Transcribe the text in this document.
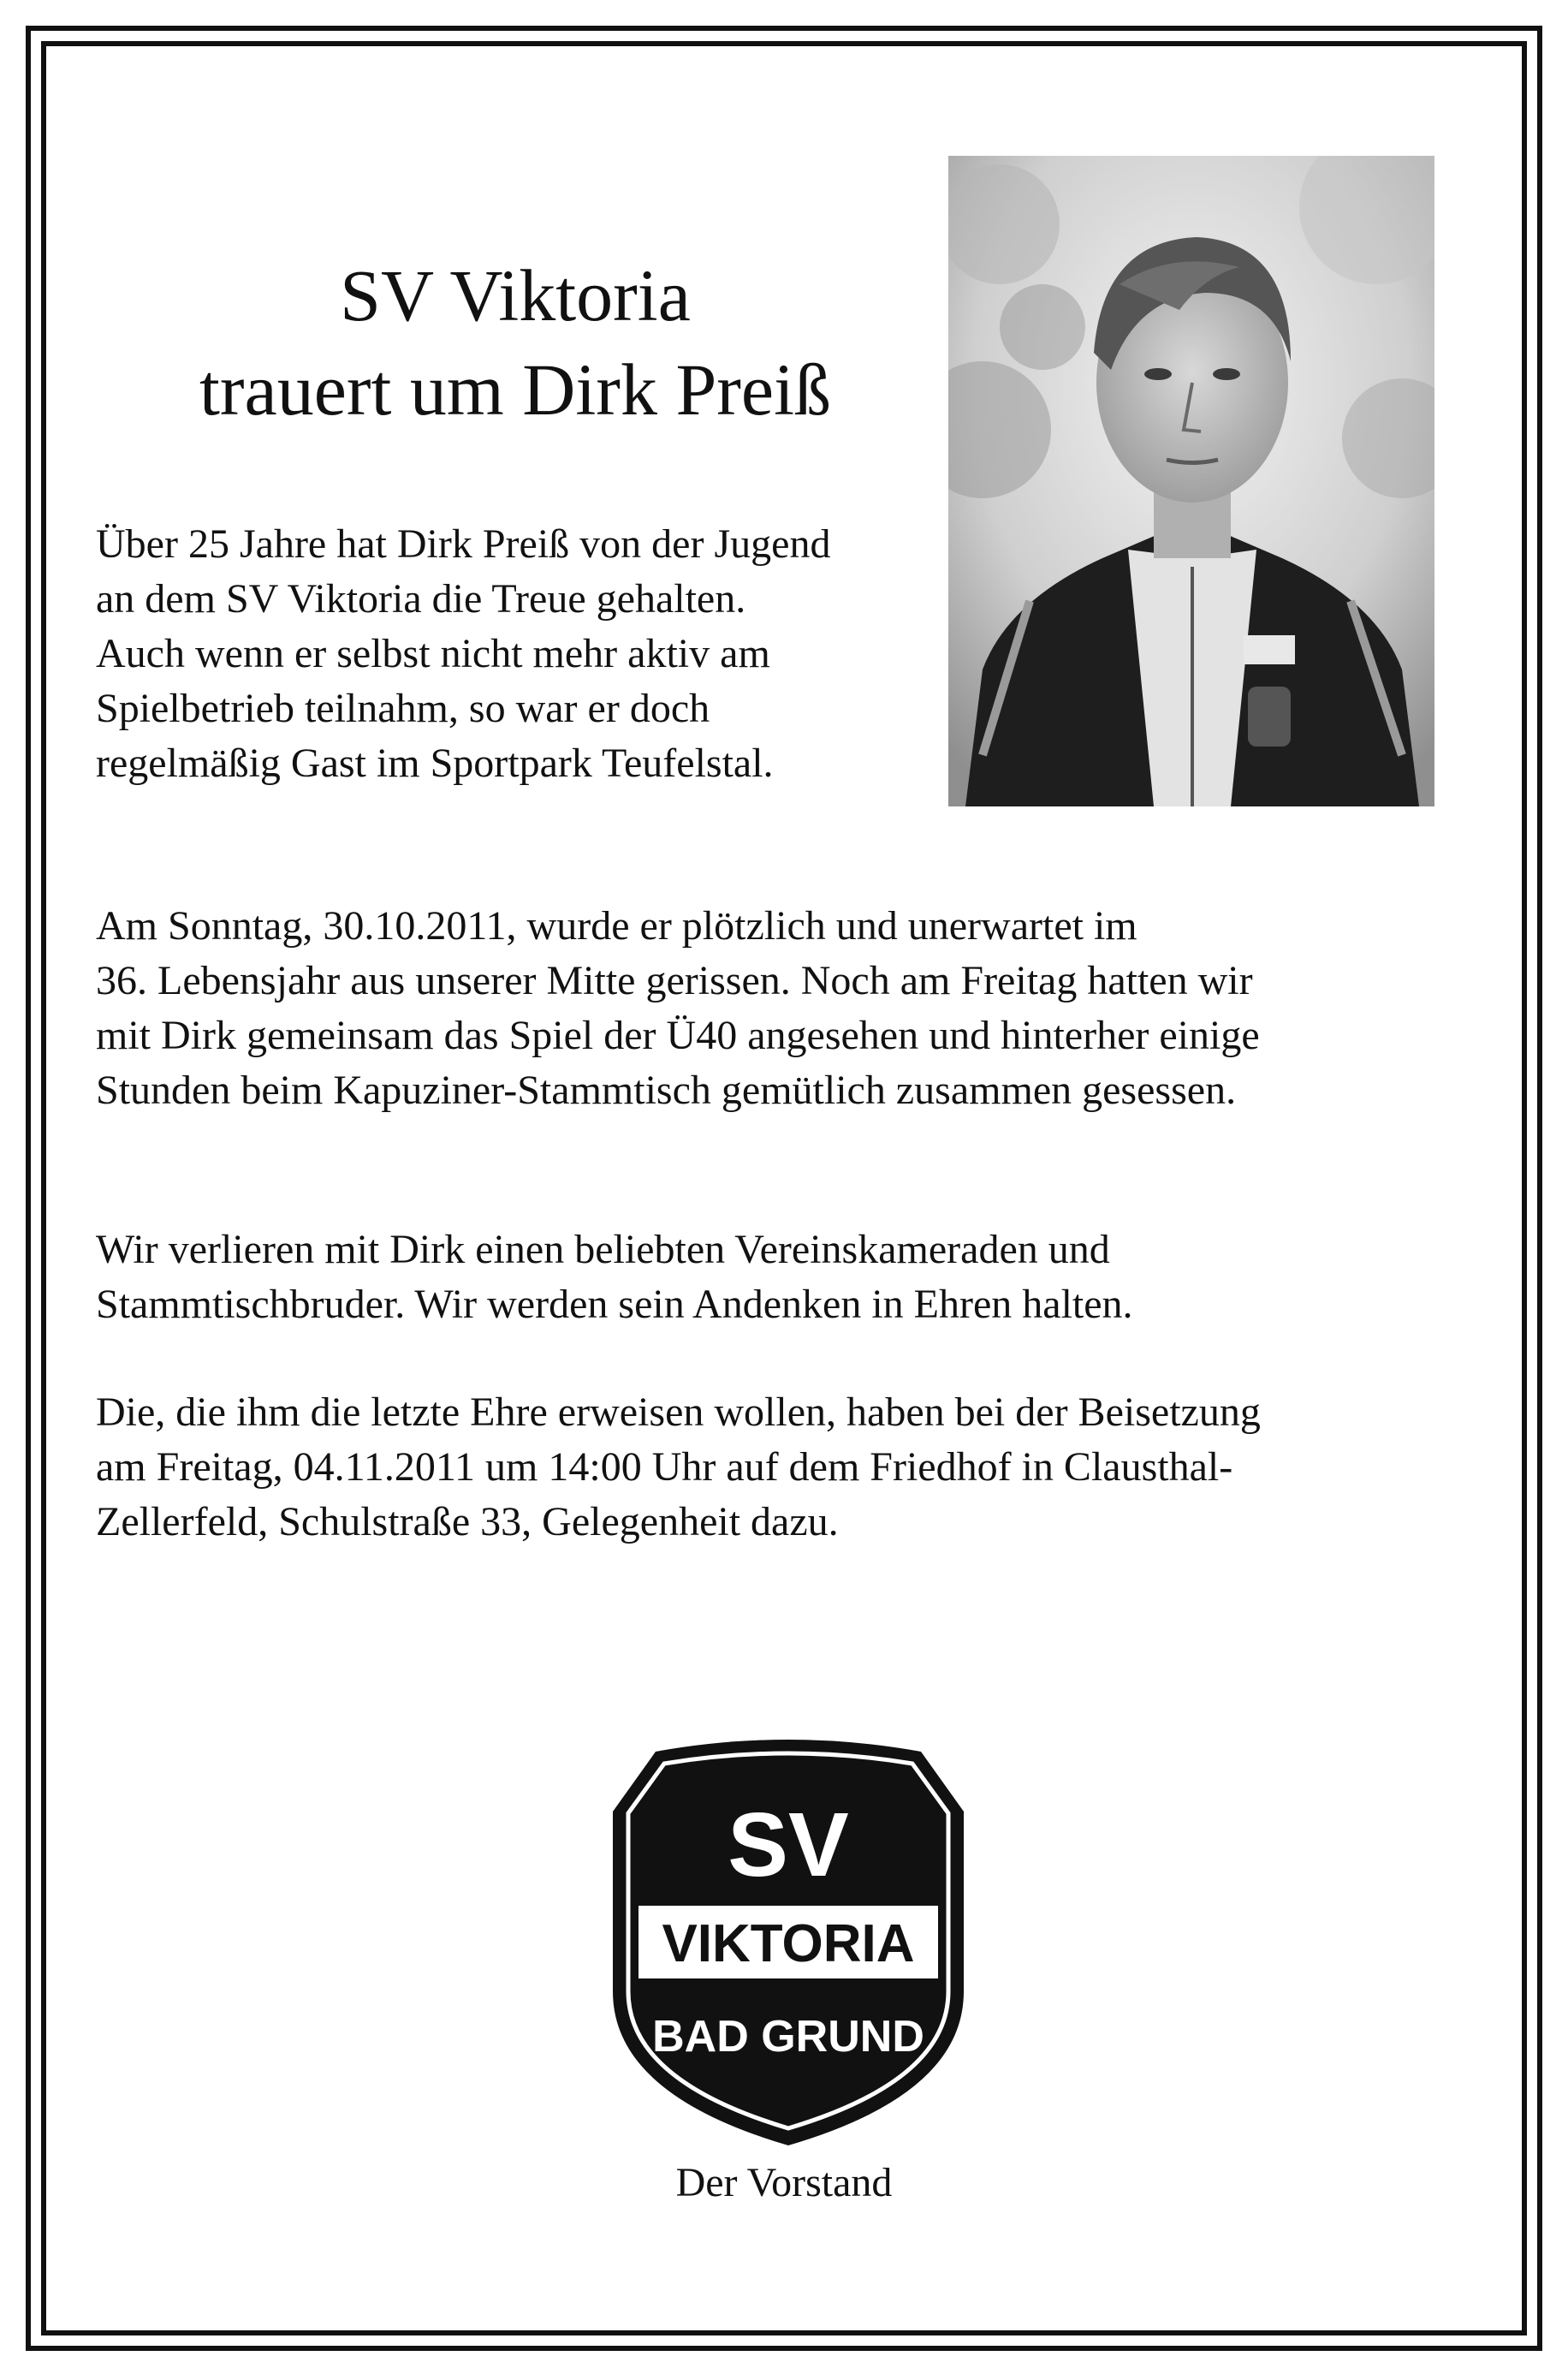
SV Viktoria
trauert um Dirk Preiß

Über 25 Jahre hat Dirk Preiß von der Jugend
an dem SV Viktoria die Treue gehalten.
Auch wenn er selbst nicht mehr aktiv am
Spielbetrieb teilnahm, so war er doch
regelmäßig Gast im Sportpark Teufelstal.

Am Sonntag, 30.10.2011, wurde er plötzlich und unerwartet im
36. Lebensjahr aus unserer Mitte gerissen. Noch am Freitag hatten wir
mit Dirk gemeinsam das Spiel der Ü40 angesehen und hinterher einige
Stunden beim Kapuziner-Stammtisch gemütlich zusammen gesessen.

Wir verlieren mit Dirk einen beliebten Vereinskameraden und
Stammtischbruder. Wir werden sein Andenken in Ehren halten.

Die, die ihm die letzte Ehre erweisen wollen, haben bei der Beisetzung
am Freitag, 04.11.2011 um 14:00 Uhr auf dem Friedhof in Clausthal-
Zellerfeld, Schulstraße 33, Gelegenheit dazu.

SV
VIKTORIA
BAD GRUND

Der Vorstand
